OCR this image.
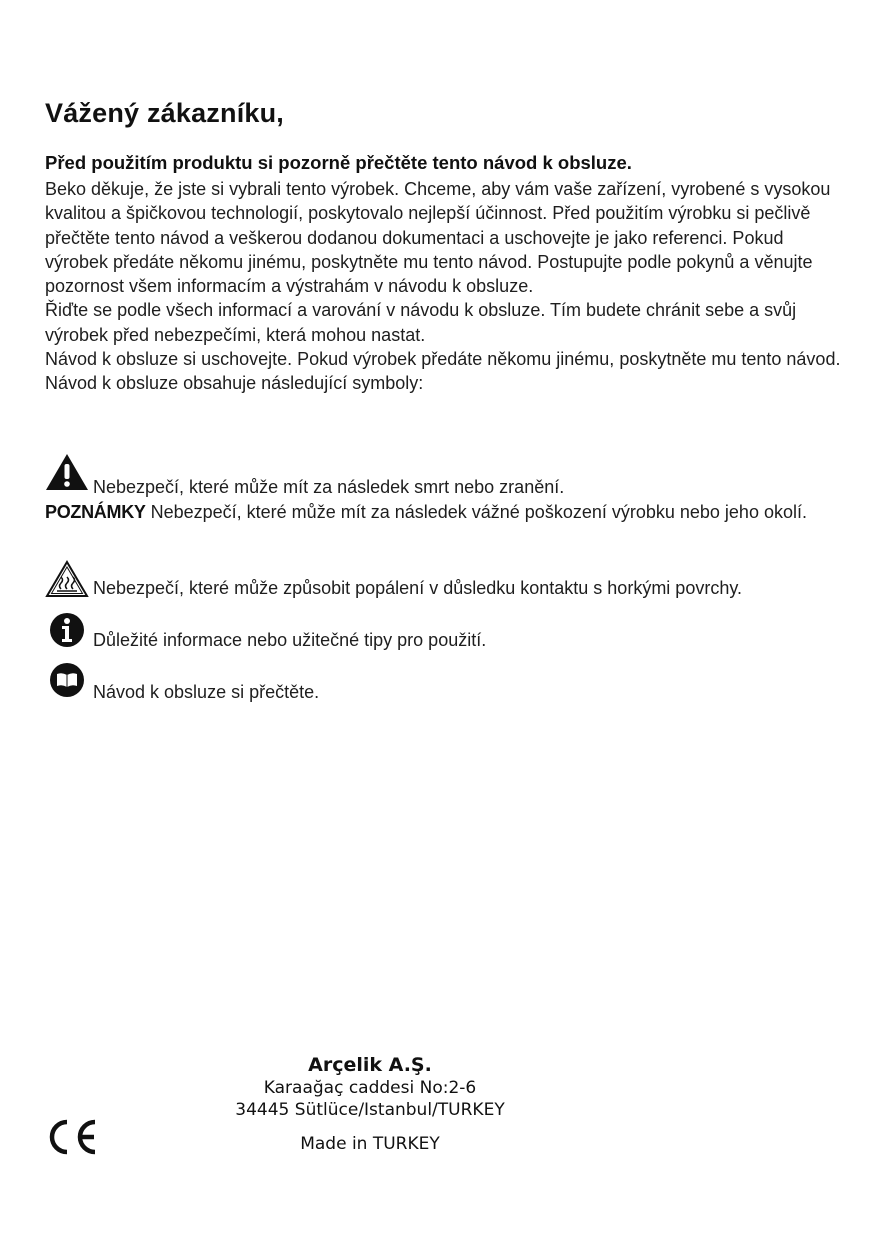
Vážený zákazníku,

Před použitím produktu si pozorně přečtěte tento návod k obsluze.

Beko děkuje, že jste si vybrali tento výrobek. Chceme, aby vám vaše zařízení, vyrobené s vysokou kvalitou a špičkovou technologií, poskytovalo nejlepší účinnost. Před použitím výrobku si pečlivě přečtěte tento návod a veškerou dodanou dokumentaci a uschovejte je jako referenci. Pokud výrobek předáte někomu jinému, poskytněte mu tento návod. Postupujte podle pokynů a věnujte pozornost všem informacím a výstrahám v návodu k obsluze.

Řiďte se podle všech informací a varování v návodu k obsluze. Tím budete chránit sebe a svůj výrobek před nebezpečími, která mohou nastat.

Návod k obsluze si uschovejte. Pokud výrobek předáte někomu jinému, poskytněte mu tento návod.

Návod k obsluze obsahuje následující symboly:

Nebezpečí, které může mít za následek smrt nebo zranění.
POZNÁMKY Nebezpečí, které může mít za následek vážné poškození výrobku nebo jeho okolí.
Nebezpečí, které může způsobit popálení v důsledku kontaktu s horkými povrchy.
Důležité informace nebo užitečné tipy pro použití.
Návod k obsluze si přečtěte.
Arçelik A.Ş.
Karaağaç caddesi No:2-6
34445 Sütlüce/Istanbul/TURKEY
Made in TURKEY
